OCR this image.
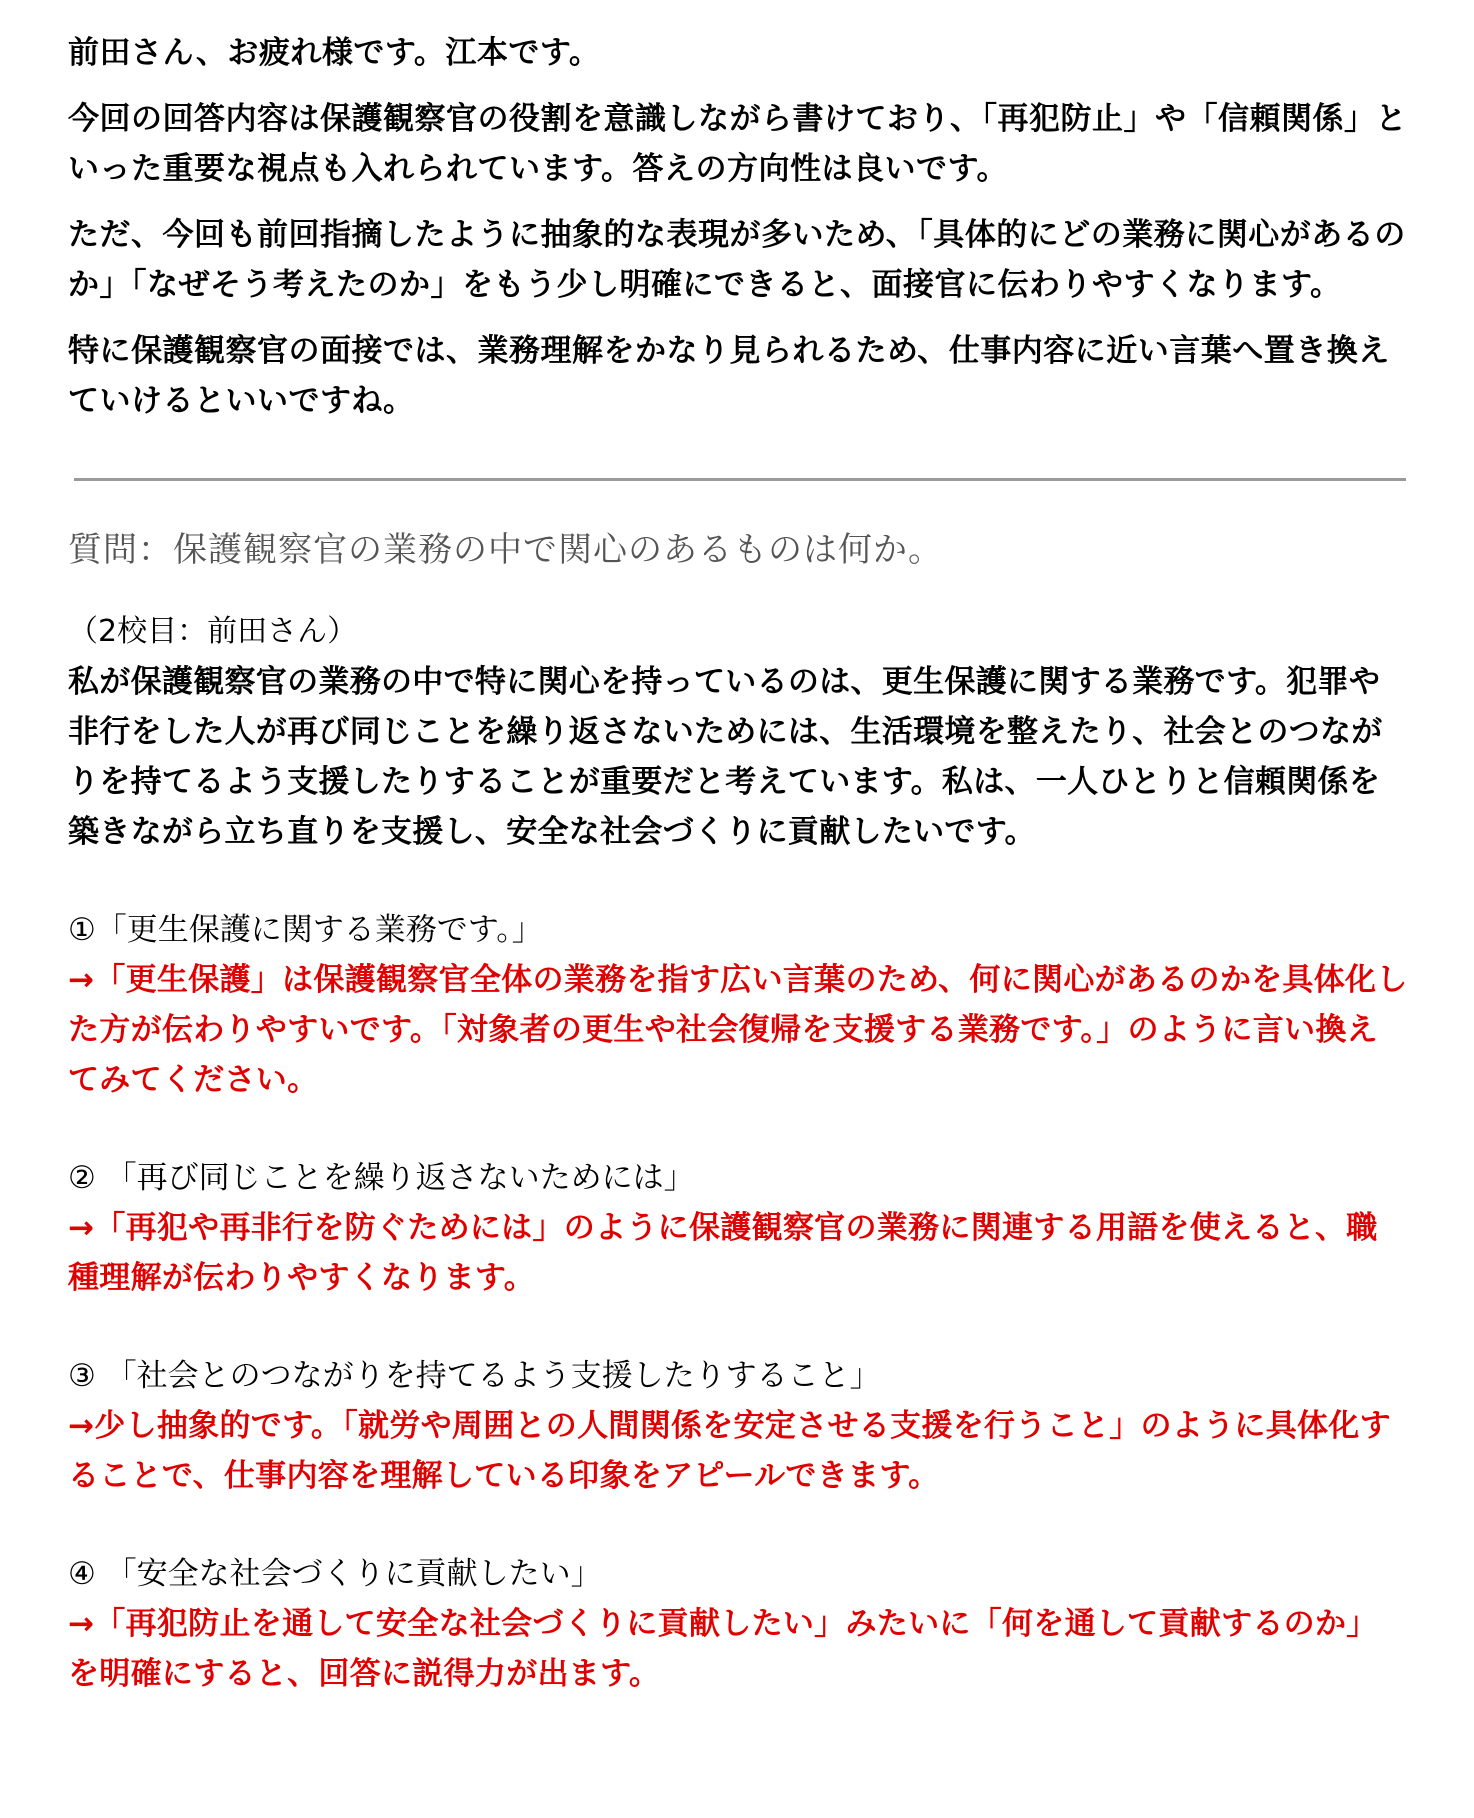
前田さん、お疲れ様です。江本です。

今回の回答内容は保護観察官の役割を意識しながら書けており、「再犯防止」や「信頼関係」といった重要な視点も入れられています。答えの方向性は良いです。

ただ、今回も前回指摘したように抽象的な表現が多いため、「具体的にどの業務に関心があるのか」「なぜそう考えたのか」をもう少し明確にできると、面接官に伝わりやすくなります。

特に保護観察官の面接では、業務理解をかなり見られるため、仕事内容に近い言葉へ置き換えていけるといいですね。

質問：保護観察官の業務の中で関心のあるものは何か。

（2校目：前田さん）

私が保護観察官の業務の中で特に関心を持っているのは、更生保護に関する業務です。犯罪や非行をした人が再び同じことを繰り返さないためには、生活環境を整えたり、社会とのつながりを持てるよう支援したりすることが重要だと考えています。私は、一人ひとりと信頼関係を築きながら立ち直りを支援し、安全な社会づくりに貢献したいです。

①「更生保護に関する業務です。」

→「更生保護」は保護観察官全体の業務を指す広い言葉のため、何に関心があるのかを具体化した方が伝わりやすいです。「対象者の更生や社会復帰を支援する業務です。」のように言い換えてみてください。

② 「再び同じことを繰り返さないためには」

→「再犯や再非行を防ぐためには」のように保護観察官の業務に関連する用語を使えると、職種理解が伝わりやすくなります。

③ 「社会とのつながりを持てるよう支援したりすること」

→少し抽象的です。「就労や周囲との人間関係を安定させる支援を行うこと」のように具体化することで、仕事内容を理解している印象をアピールできます。

④ 「安全な社会づくりに貢献したい」

→「再犯防止を通して安全な社会づくりに貢献したい」みたいに「何を通して貢献するのか」を明確にすると、回答に説得力が出ます。
